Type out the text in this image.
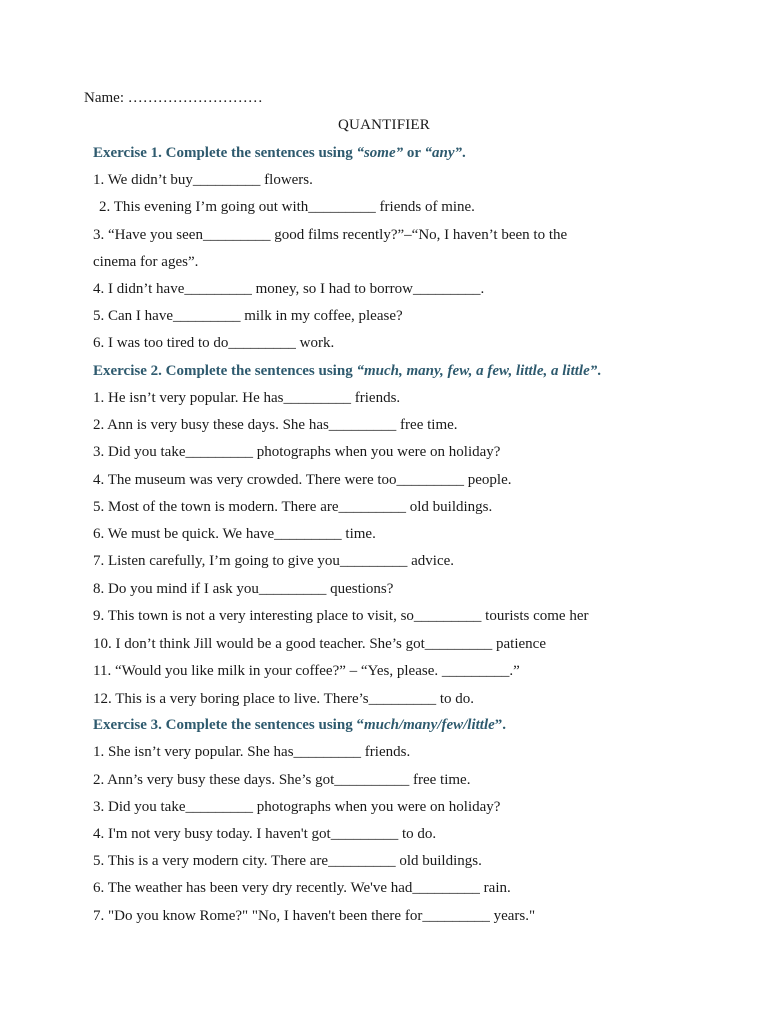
Name: ………………………
QUANTIFIER
Exercise 1. Complete the sentences using “some” or “any”.
1. We didn’t buy_________ flowers.
2. This evening I’m going out with_________ friends of mine.
3. “Have you seen_________ good films recently?”–“No, I haven’t been to the
cinema for ages”.
4. I didn’t have_________ money, so I had to borrow_________.
5. Can I have_________ milk in my coffee, please?
6. I was too tired to do_________ work.
Exercise 2. Complete the sentences using “much, many, few, a few, little, a little”.
1. He isn’t very popular. He has_________ friends.
2. Ann is very busy these days. She has_________ free time.
3. Did you take_________ photographs when you were on holiday?
4. The museum was very crowded. There were too_________ people.
5. Most of the town is modern. There are_________ old buildings.
6. We must be quick. We have_________ time.
7. Listen carefully, I’m going to give you_________ advice.
8. Do you mind if I ask you_________ questions?
9. This town is not a very interesting place to visit, so_________ tourists come her
10. I don’t think Jill would be a good teacher. She’s got_________ patience
11. “Would you like milk in your coffee?” – “Yes, please. _________.”
12. This is a very boring place to live. There’s_________ to do.
Exercise 3. Complete the sentences using “much/many/few/little”.
1. She isn’t very popular. She has_________ friends.
2. Ann’s very busy these days. She’s got__________ free time.
3. Did you take_________ photographs when you were on holiday?
4. I'm not very busy today. I haven't got_________ to do.
5. This is a very modern city. There are_________ old buildings.
6. The weather has been very dry recently. We've had_________ rain.
7. "Do you know Rome?" "No, I haven't been there for_________ years."
